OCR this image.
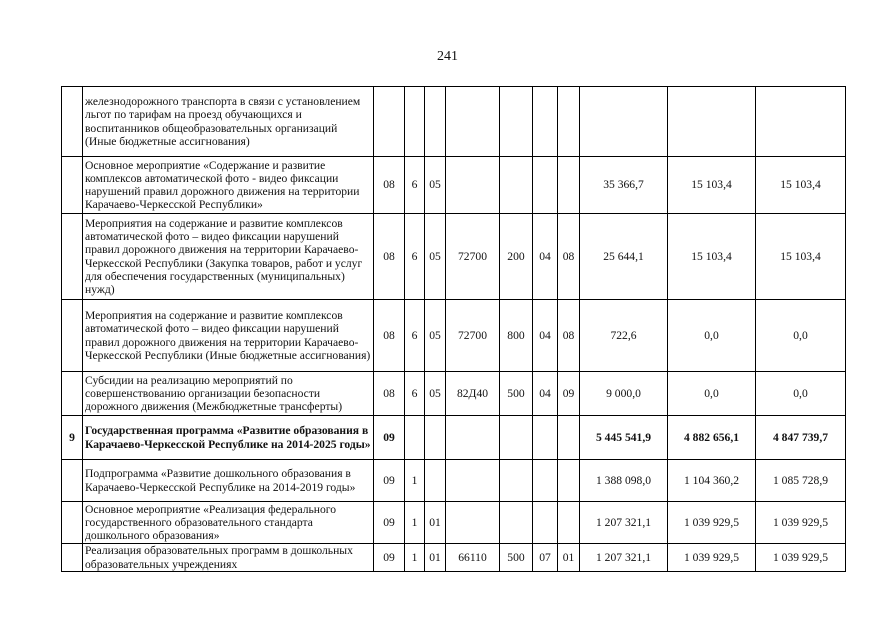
241
	железнодорожного транспорта в связи с установлением льгот по тарифам на проезд обучающихся и воспитанников общеобразовательных организаций (Иные бюджетные ассигнования)										
	Основное мероприятие «Содержание и развитие комплексов автоматической фото - видео фиксации нарушений правил дорожного движения на территории Карачаево-Черкесской Республики»	08	6	05					35 366,7	15 103,4	15 103,4
	Мероприятия на содержание и развитие комплексов автоматической фото – видео фиксации нарушений правил дорожного движения на территории Карачаево-Черкесской Республики (Закупка товаров, работ и услуг для обеспечения государственных (муниципальных) нужд)	08	6	05	72700	200	04	08	25 644,1	15 103,4	15 103,4
	Мероприятия на содержание и развитие комплексов автоматической фото – видео фиксации нарушений правил дорожного движения на территории Карачаево-Черкесской Республики (Иные бюджетные ассигнования)	08	6	05	72700	800	04	08	722,6	0,0	0,0
	Субсидии на реализацию мероприятий по совершенствованию организации безопасности дорожного движения (Межбюджетные трансферты)	08	6	05	82Д40	500	04	09	9 000,0	0,0	0,0
9	Государственная программа «Развитие образования в Карачаево-Черкесской Республике на 2014-2025 годы»	09							5 445 541,9	4 882 656,1	4 847 739,7
	Подпрограмма «Развитие дошкольного образования в Карачаево-Черкесской Республике на 2014-2019 годы»	09	1						1 388 098,0	1 104 360,2	1 085 728,9
	Основное мероприятие «Реализация федерального государственного образовательного стандарта дошкольного образования»	09	1	01					1 207 321,1	1 039 929,5	1 039 929,5
	Реализация образовательных программ в дошкольных образовательных учреждениях	09	1	01	66110	500	07	01	1 207 321,1	1 039 929,5	1 039 929,5
